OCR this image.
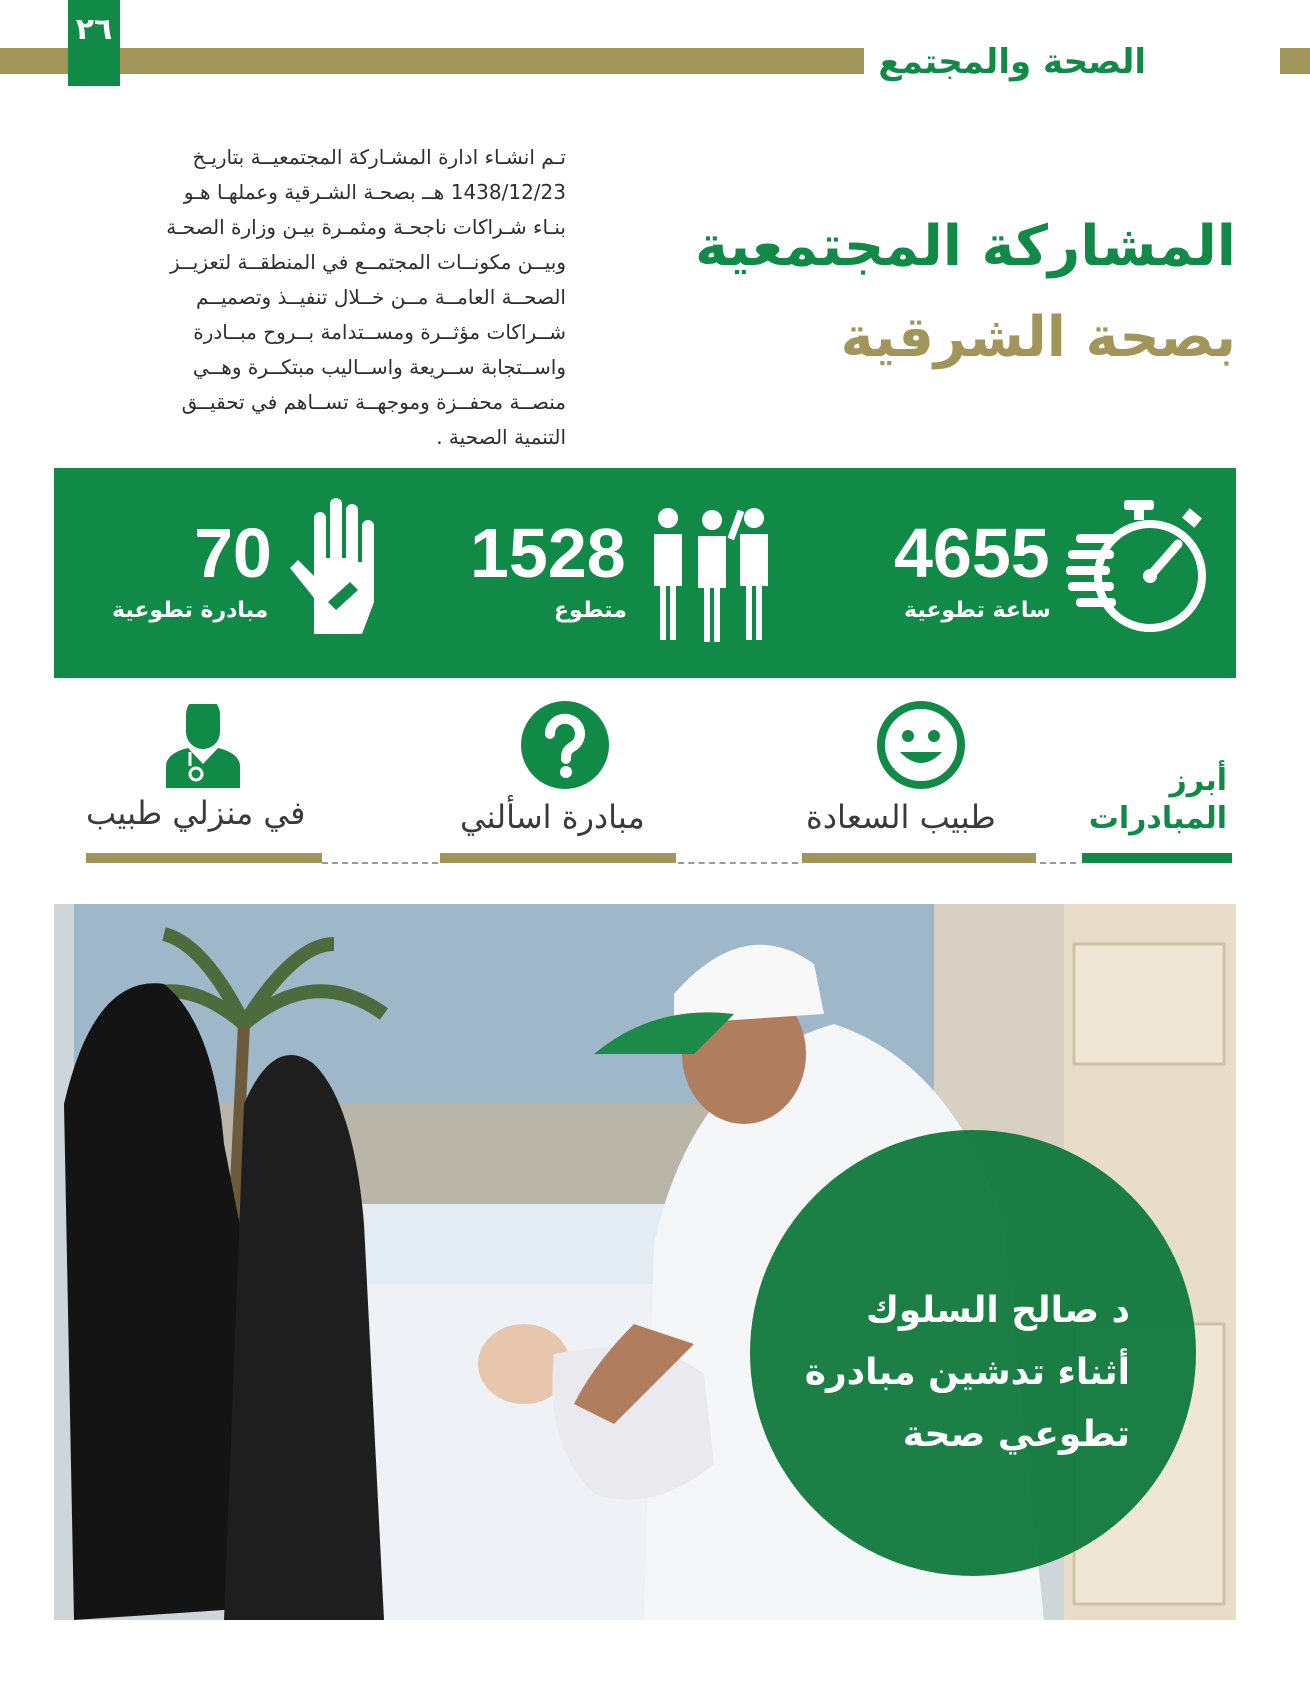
٢٦
الصحة والمجتمع
المشاركة المجتمعية
بصحة الشرقية
تـم انشـاء ادارة المشـاركة المجتمعيــة بتاريـخ
1438/12/23 هــ بصحـة الشـرقية وعملهـا هـو
بنـاء شـراكات ناجحـة ومثمـرة بيـن وزارة الصحـة
وبيــن مكونــات المجتمــع في المنطقــة لتعزيــز
الصحــة العامــة مــن خــلال تنفيــذ وتصميــم
شــراكات مؤثــرة ومســتدامة بــروح مبــادرة
واســتجابة ســريعة واســاليب مبتكــرة وهــي
منصــة محفــزة وموجهــة تســاهم في تحقيــق
التنمية الصحية .
4655
ساعة تطوعية
1528
متطوع
70
مبادرة تطوعية
أبرز
المبادرات
طبيب السعادة
مبادرة اسألني
في منزلي طبيب
د صالح السلوك
أثناء تدشين مبادرة
تطوعي صحة
